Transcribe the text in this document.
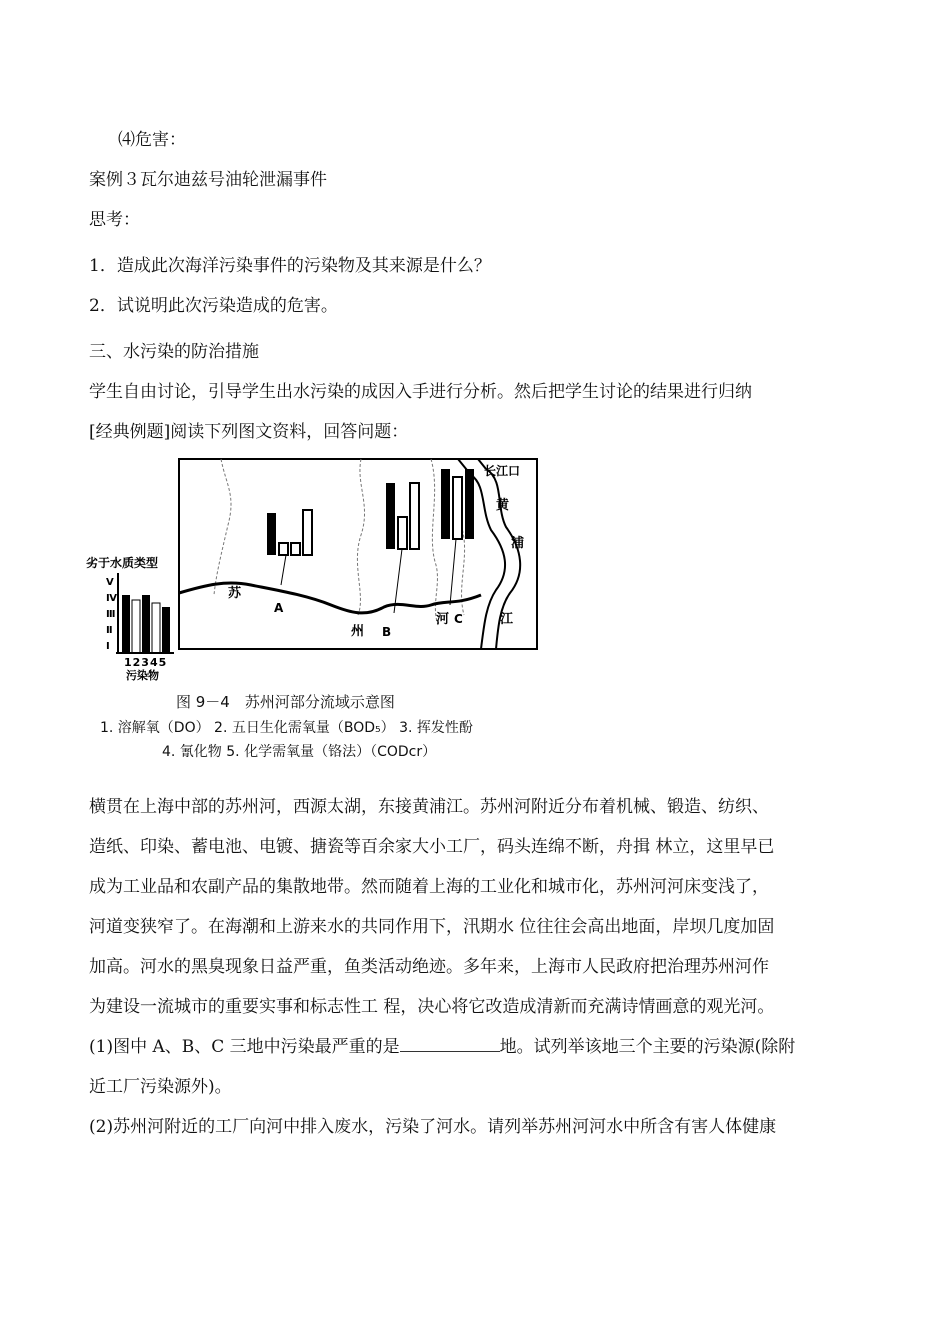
⑷危害：
案例３瓦尔迪兹号油轮泄漏事件
思考：
1．造成此次海洋污染事件的污染物及其来源是什么？
2．试说明此次污染造成的危害。
三、水污染的防治措施
学生自由讨论，引导学生出水污染的成因入手进行分析。然后把学生讨论的结果进行归纳
[经典例题]阅读下列图文资料，回答问题：
苏
州
河	江
黄
浦
长江口
A
B
C
劣于水质类型
Ⅴ
Ⅳ
Ⅲ
Ⅱ
Ⅰ
12345
污染物
图 9－4　苏州河部分流域示意图
1. 溶解氧（DO） 2. 五日生化需氧量（BOD₅） 3. 挥发性酚
4. 氰化物 5. 化学需氧量（铬法）（CODcr）
横贯在上海中部的苏州河，西源太湖，东接黄浦江。苏州河附近分布着机械、锻造、纺织、
造纸、印染、蓄电池、电镀、搪瓷等百余家大小工厂，码头连绵不断，舟揖 林立，这里早已
成为工业品和农副产品的集散地带。然而随着上海的工业化和城市化，苏州河河床变浅了，
河道变狭窄了。在海潮和上游来水的共同作用下，汛期水 位往往会高出地面，岸坝几度加固
加高。河水的黑臭现象日益严重，鱼类活动绝迹。多年来，上海市人民政府把治理苏州河作
为建设一流城市的重要实事和标志性工 程，决心将它改造成清新而充满诗情画意的观光河。
(1)图中 A、B、C 三地中污染最严重的是	地。试列举该地三个主要的污染源(除附
近工厂污染源外)。
(2)苏州河附近的工厂向河中排入废水，污染了河水。请列举苏州河河水中所含有害人体健康
